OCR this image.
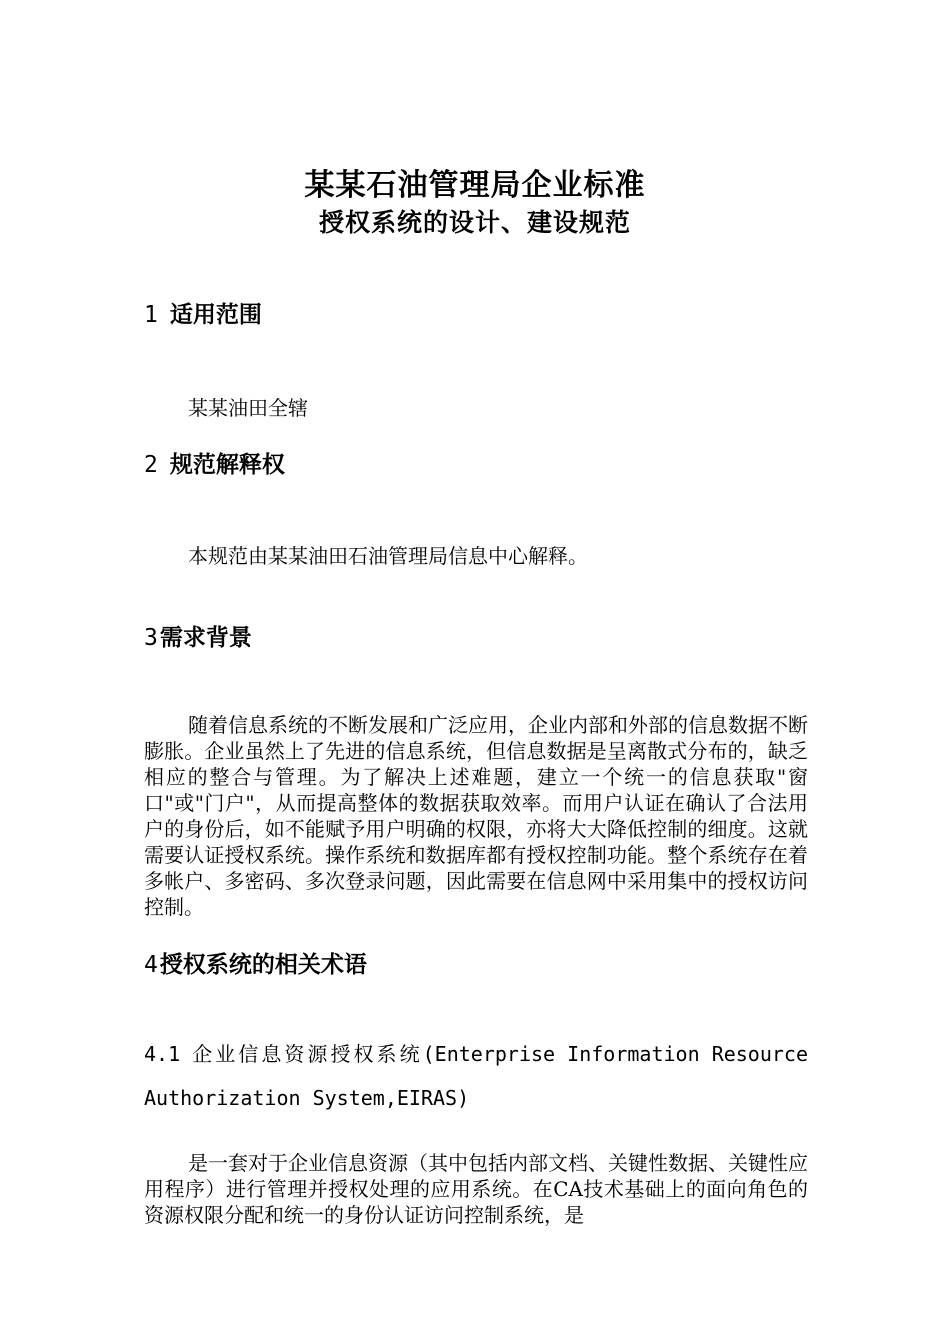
某某石油管理局企业标准
授权系统的设计、建设规范
1 适用范围
某某油田全辖
2 规范解释权
本规范由某某油田石油管理局信息中心解释。
3需求背景
随着信息系统的不断发展和广泛应用，企业内部和外部的信息数据不断膨胀。企业虽然上了先进的信息系统，但信息数据是呈离散式分布的，缺乏相应的整合与管理。为了解决上述难题，建立一个统一的信息获取"窗口"或"门户"，从而提高整体的数据获取效率。而用户认证在确认了合法用户的身份后，如不能赋予用户明确的权限，亦将大大降低控制的细度。这就需要认证授权系统。操作系统和数据库都有授权控制功能。整个系统存在着多帐户、多密码、多次登录问题，因此需要在信息网中采用集中的授权访问控制。
4授权系统的相关术语
4.1 企业信息资源授权系统(Enterprise Information Resource Authorization System,EIRAS)
是一套对于企业信息资源（其中包括内部文档、关键性数据、关键性应用程序）进行管理并授权处理的应用系统。在CA技术基础上的面向角色的资源权限分配和统一的身份认证访问控制系统，是
